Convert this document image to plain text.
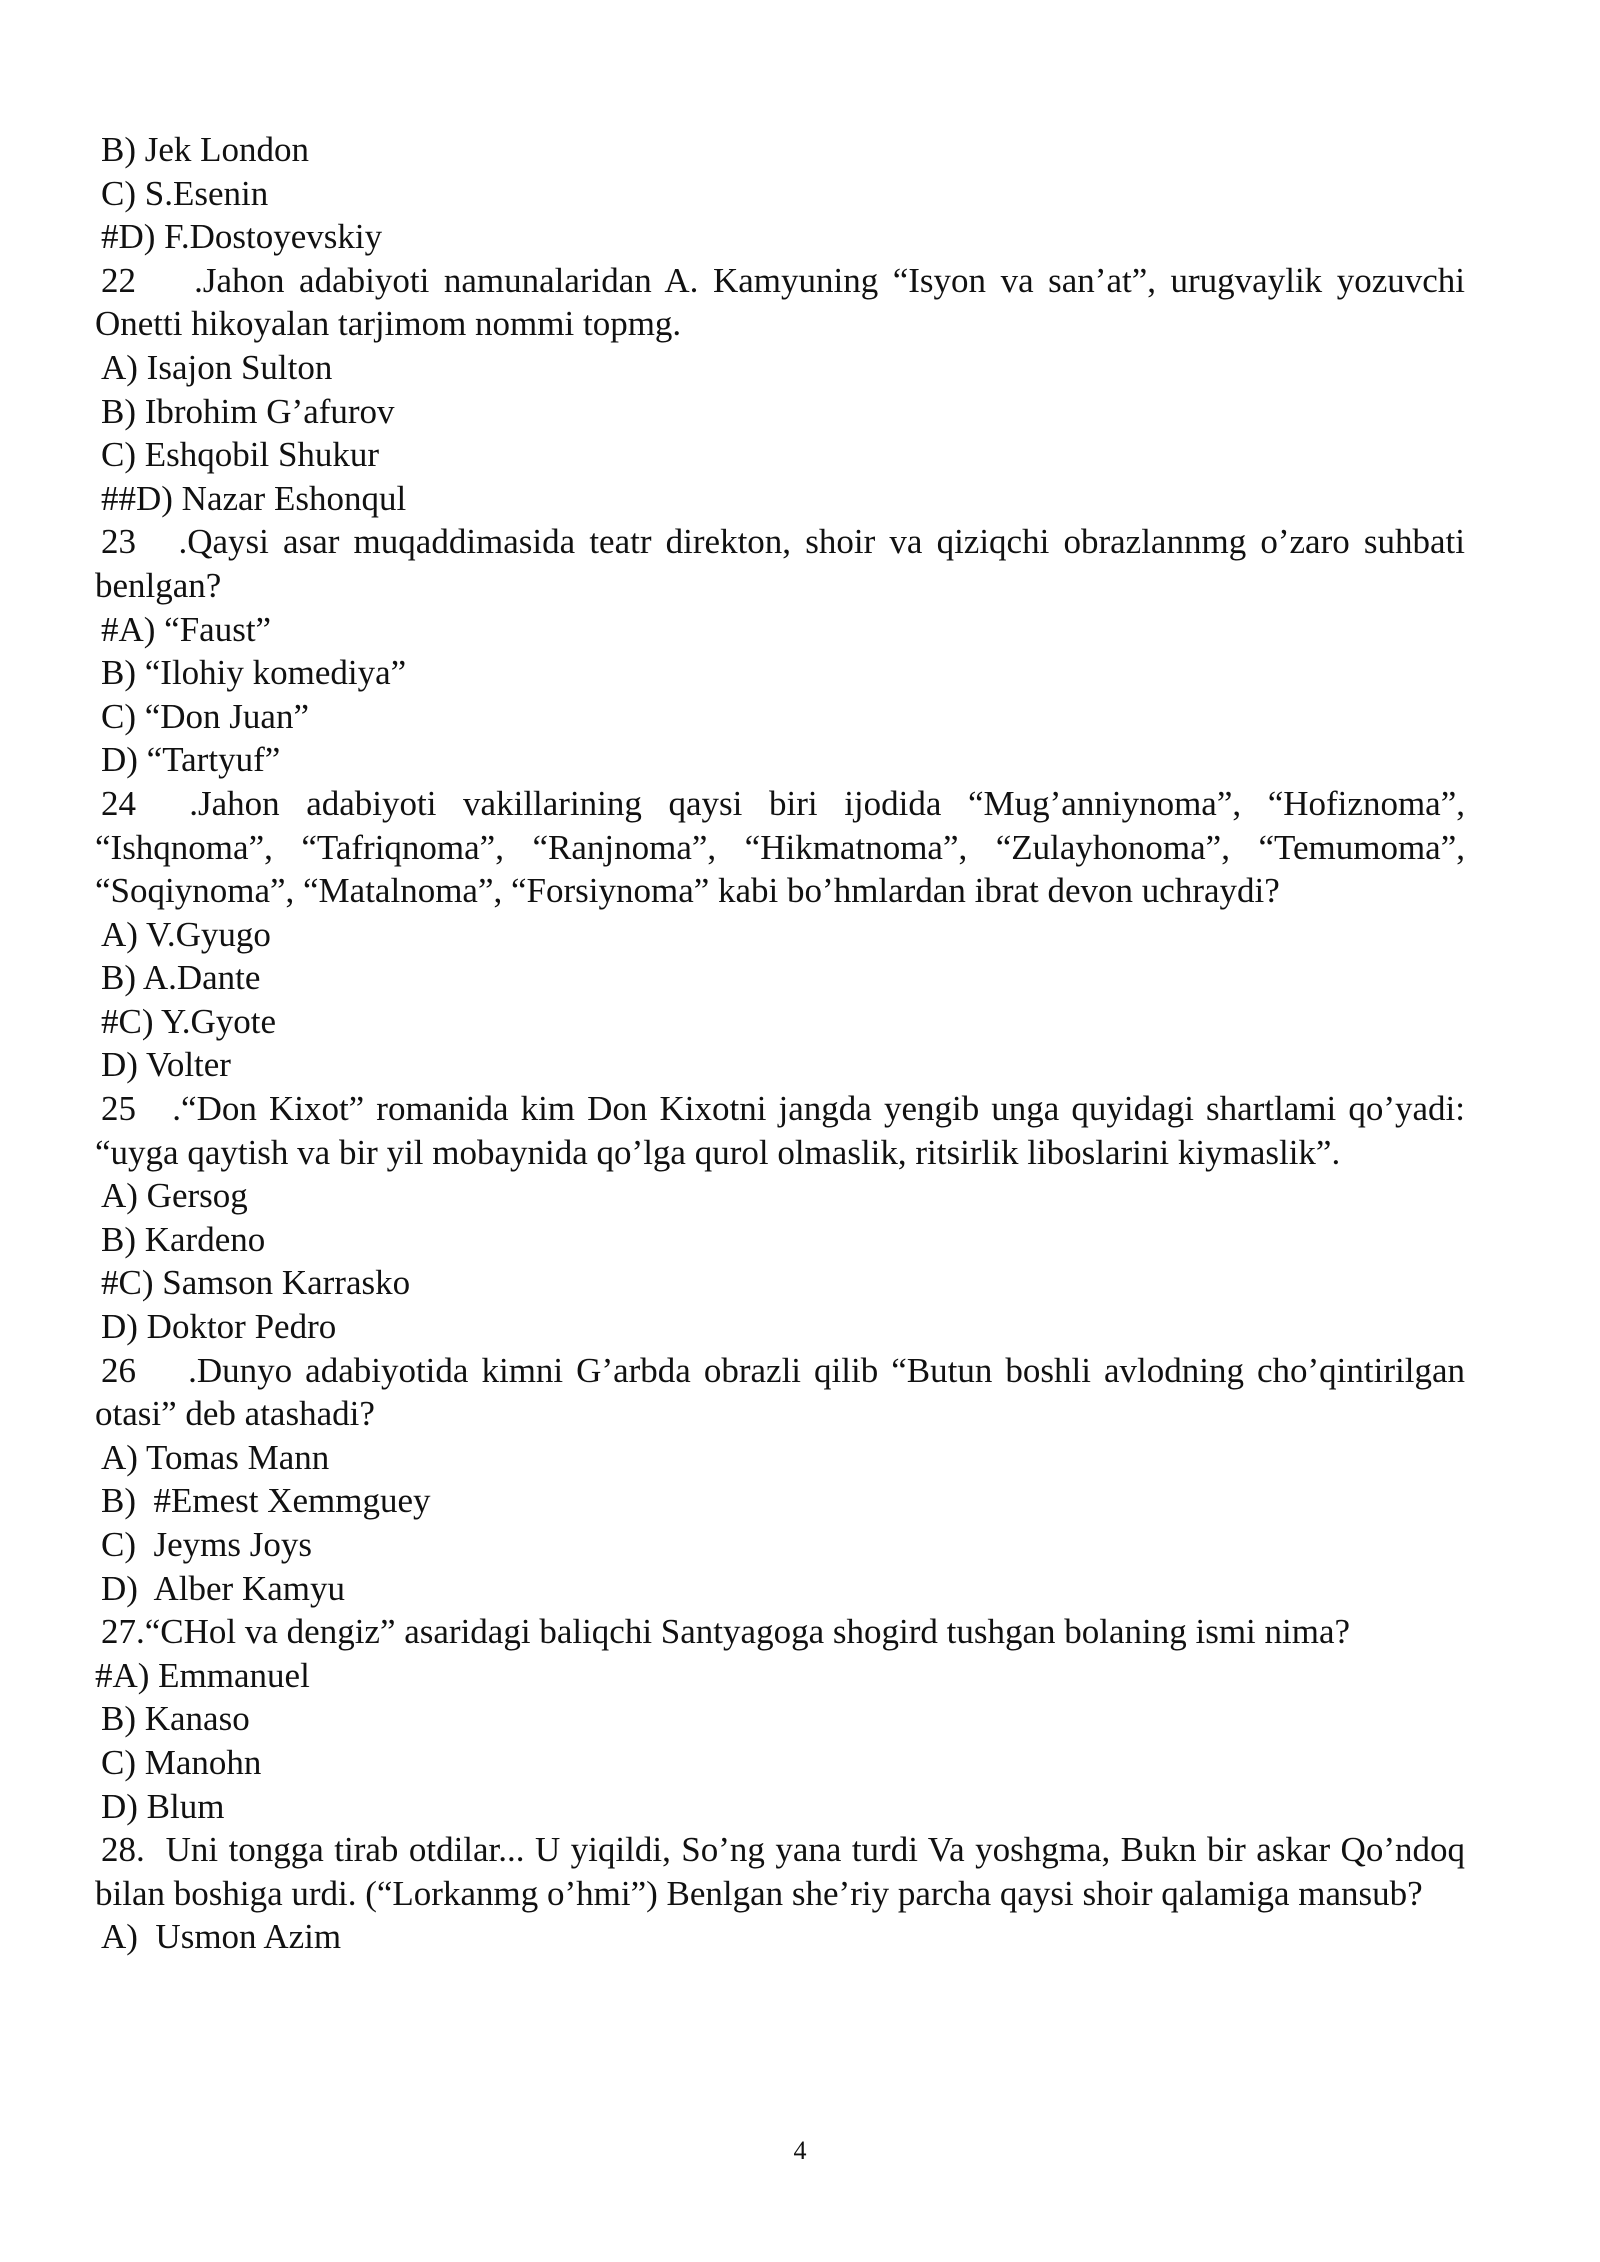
B) Jek London
C) S.Esenin
#D) F.Dostoyevskiy
22    .Jahon adabiyoti namunalaridan A. Kamyuning “Isyon va san’at”, urugvaylik yozuvchi Onetti hikoyalan tarjimom nommi topmg.
A) Isajon Sulton
B) Ibrohim G’afurov
C) Eshqobil Shukur
##D) Nazar Eshonqul
23   .Qaysi asar muqaddimasida teatr direkton, shoir va qiziqchi obrazlannmg o’zaro suhbati benlgan?
#A) “Faust”
B) “Ilohiy komediya”
C) “Don Juan”
D) “Tartyuf”
24  .Jahon adabiyoti vakillarining qaysi biri ijodida “Mug’anniynoma”, “Hofiznoma”, “Ishqnoma”, “Tafriqnoma”, “Ranjnoma”, “Hikmatnoma”, “Zulayhonoma”, “Temumoma”, “Soqiynoma”, “Matalnoma”, “Forsiynoma” kabi bo’hmlardan ibrat devon uchraydi?
A) V.Gyugo
B) A.Dante
#C) Y.Gyote
D) Volter
25   .“Don Kixot” romanida kim Don Kixotni jangda yengib unga quyidagi shartlami qo’yadi: “uyga qaytish va bir yil mobaynida qo’lga qurol olmaslik, ritsirlik liboslarini kiymaslik”.
A) Gersog
B) Kardeno
#C) Samson Karrasko
D) Doktor Pedro
26    .Dunyo adabiyotida kimni G’arbda obrazli qilib “Butun boshli avlodning cho’qintirilgan otasi” deb atashadi?
A) Tomas Mann
B)  #Emest Xemmguey
C)  Jeyms Joys
D)  Alber Kamyu
27.“CHol va dengiz” asaridagi baliqchi Santyagoga shogird tushgan bolaning ismi nima?
#A) Emmanuel
B) Kanaso
C) Manohn
D) Blum
28.  Uni tongga tirab otdilar... U yiqildi, So’ng yana turdi Va yoshgma, Bukn bir askar Qo’ndoq bilan boshiga urdi. (“Lorkanmg o’hmi”) Benlgan she’riy parcha qaysi shoir qalamiga mansub?
A)  Usmon Azim
4
